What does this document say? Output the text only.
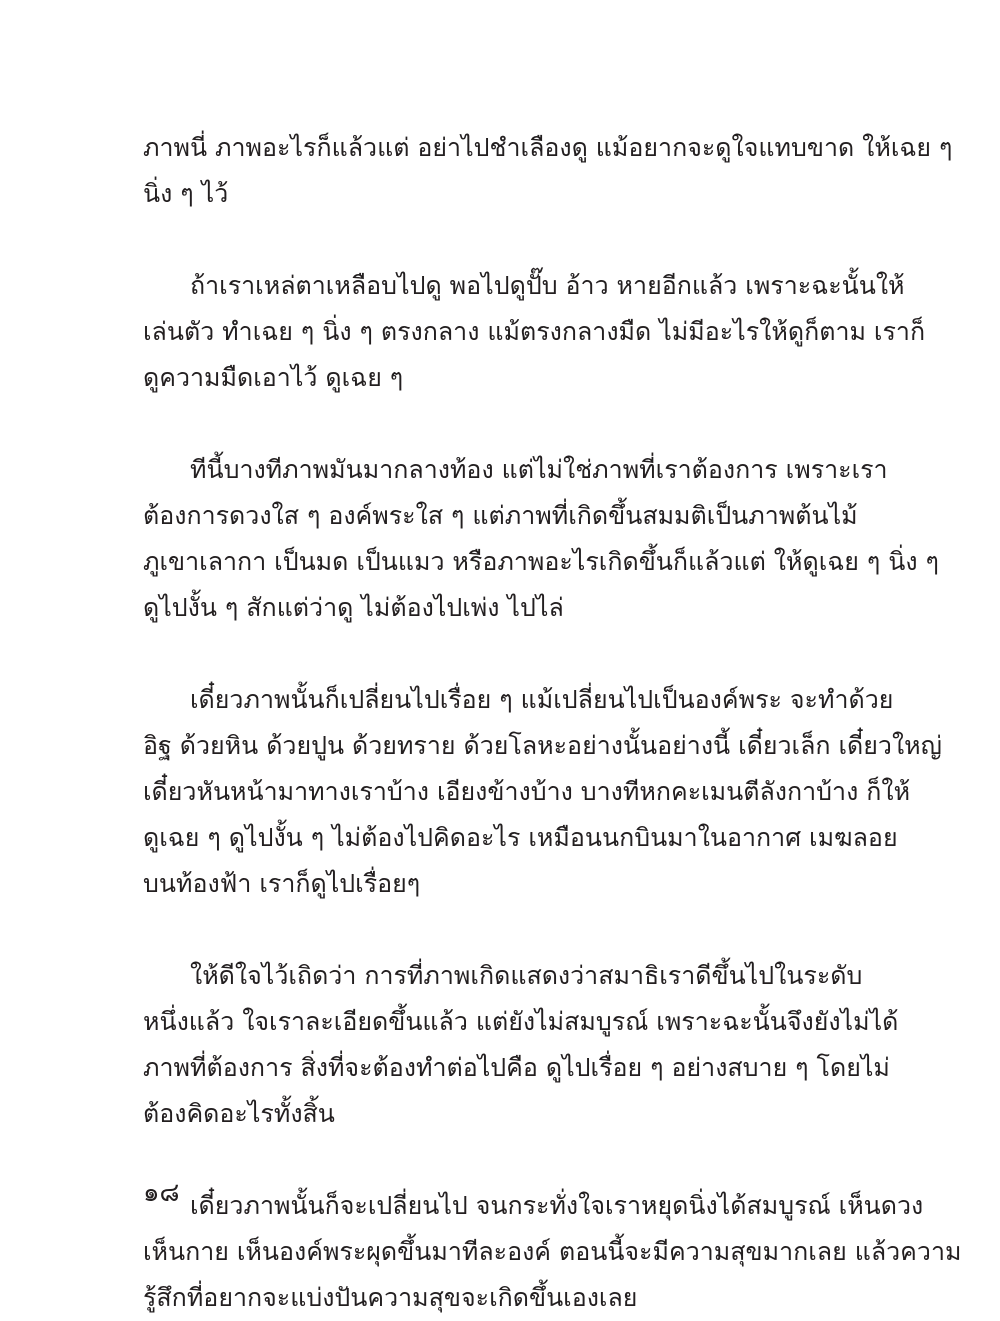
ภาพนี่ ภาพอะไรก็แล้วแต่ อย่าไปชำเลืองดู แม้อยากจะดูใจแทบขาด ให้เฉย ๆ
นิ่ง ๆ ไว้
ถ้าเราเหล่ตาเหลือบไปดู พอไปดูปั๊บ อ้าว หายอีกแล้ว เพราะฉะนั้นให้
เล่นตัว ทำเฉย ๆ นิ่ง ๆ ตรงกลาง แม้ตรงกลางมืด ไม่มีอะไรให้ดูก็ตาม เราก็
ดูความมืดเอาไว้ ดูเฉย ๆ
ทีนี้บางทีภาพมันมากลางท้อง แต่ไม่ใช่ภาพที่เราต้องการ เพราะเรา
ต้องการดวงใส ๆ องค์พระใส ๆ แต่ภาพที่เกิดขึ้นสมมติเป็นภาพต้นไม้
ภูเขาเลากา เป็นมด เป็นแมว หรือภาพอะไรเกิดขึ้นก็แล้วแต่ ให้ดูเฉย ๆ นิ่ง ๆ
ดูไปงั้น ๆ สักแต่ว่าดู ไม่ต้องไปเพ่ง ไปไล่
เดี๋ยวภาพนั้นก็เปลี่ยนไปเรื่อย ๆ แม้เปลี่ยนไปเป็นองค์พระ จะทำด้วย
อิฐ ด้วยหิน ด้วยปูน ด้วยทราย ด้วยโลหะอย่างนั้นอย่างนี้ เดี๋ยวเล็ก เดี๋ยวใหญ่
เดี๋ยวหันหน้ามาทางเราบ้าง เอียงข้างบ้าง บางทีหกคะเมนตีลังกาบ้าง ก็ให้
ดูเฉย ๆ ดูไปงั้น ๆ ไม่ต้องไปคิดอะไร เหมือนนกบินมาในอากาศ เมฆลอย
บนท้องฟ้า เราก็ดูไปเรื่อยๆ
ให้ดีใจไว้เถิดว่า การที่ภาพเกิดแสดงว่าสมาธิเราดีขึ้นไปในระดับ
หนึ่งแล้ว ใจเราละเอียดขึ้นแล้ว แต่ยังไม่สมบูรณ์ เพราะฉะนั้นจึงยังไม่ได้
ภาพที่ต้องการ สิ่งที่จะต้องทำต่อไปคือ ดูไปเรื่อย ๆ อย่างสบาย ๆ โดยไม่
ต้องคิดอะไรทั้งสิ้น
เดี๋ยวภาพนั้นก็จะเปลี่ยนไป จนกระทั่งใจเราหยุดนิ่งได้สมบูรณ์ เห็นดวง
เห็นกาย เห็นองค์พระผุดขึ้นมาทีละองค์ ตอนนี้จะมีความสุขมากเลย แล้วความ
รู้สึกที่อยากจะแบ่งปันความสุขจะเกิดขึ้นเองเลย
๑๘
